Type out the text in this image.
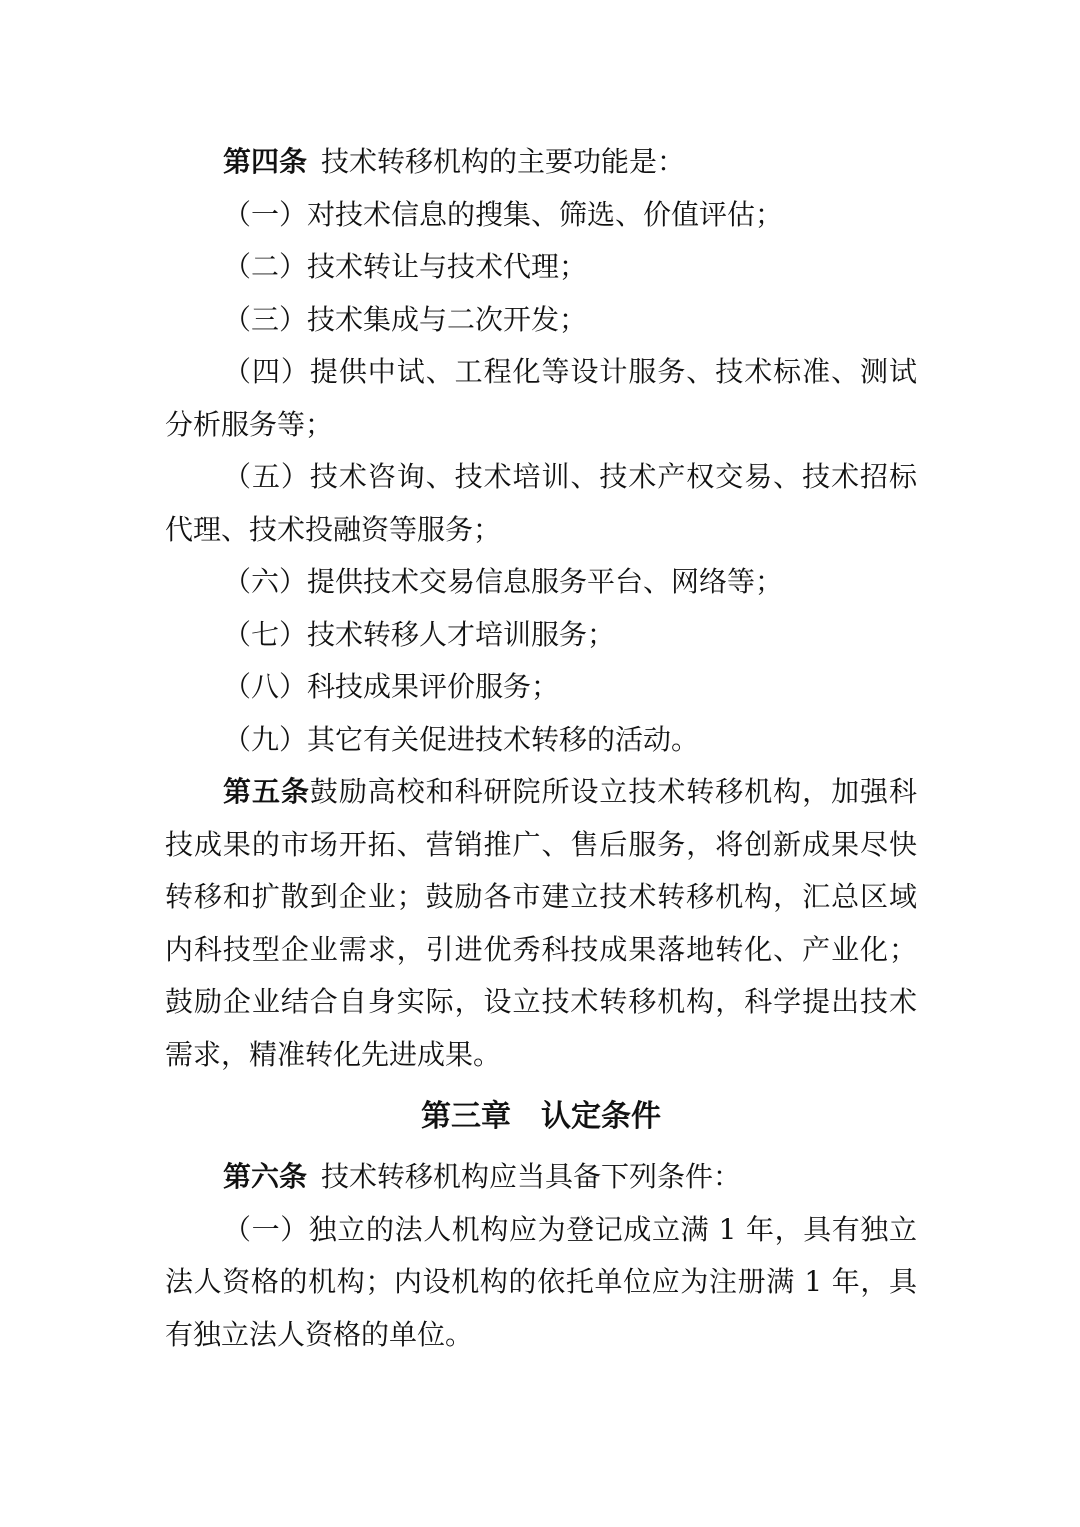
第四条 技术转移机构的主要功能是：
（一）对技术信息的搜集、筛选、价值评估；
（二）技术转让与技术代理；
（三）技术集成与二次开发；
（四）提供中试、工程化等设计服务、技术标准、测试
分析服务等；
（五）技术咨询、技术培训、技术产权交易、技术招标
代理、技术投融资等服务；
（六）提供技术交易信息服务平台、网络等；
（七）技术转移人才培训服务；
（八）科技成果评价服务；
（九）其它有关促进技术转移的活动。
第五条鼓励高校和科研院所设立技术转移机构，加强科
技成果的市场开拓、营销推广、售后服务，将创新成果尽快
转移和扩散到企业；鼓励各市建立技术转移机构，汇总区域
内科技型企业需求，引进优秀科技成果落地转化、产业化；
鼓励企业结合自身实际，设立技术转移机构，科学提出技术
需求，精准转化先进成果。
第三章 认定条件
第六条 技术转移机构应当具备下列条件：
（一）独立的法人机构应为登记成立满 1 年，具有独立
法人资格的机构；内设机构的依托单位应为注册满 1 年，具
有独立法人资格的单位。
